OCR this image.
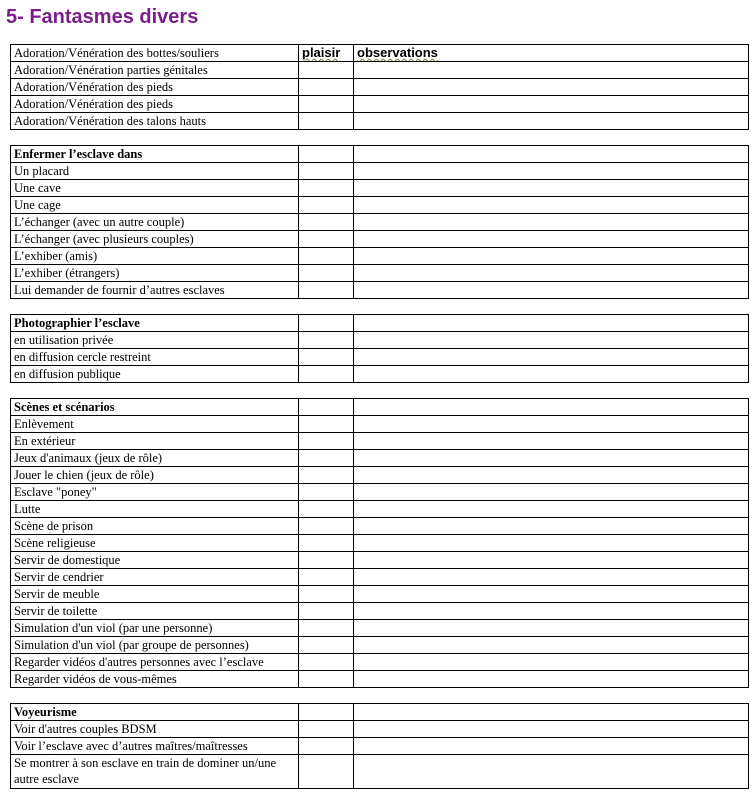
5- Fantasmes divers
Adoration/Vénération des bottes/souliers	plaisir	observations
Adoration/Vénération parties génitales		
Adoration/Vénération des pieds		
Adoration/Vénération des pieds		
Adoration/Vénération des talons hauts		
Enfermer l’esclave dans		
Un placard		
Une cave		
Une cage		
L’échanger (avec un autre couple)		
L’échanger (avec plusieurs couples)		
L’exhiber (amis)		
L’exhiber (étrangers)		
Lui demander de fournir d’autres esclaves		
Photographier l’esclave		
en utilisation privée		
en diffusion cercle restreint		
en diffusion publique		
Scènes et scénarios		
Enlèvement		
En extérieur		
Jeux d'animaux (jeux de rôle)		
Jouer le chien (jeux de rôle)		
Esclave "poney"		
Lutte		
Scène de prison		
Scène religieuse		
Servir de domestique		
Servir de cendrier		
Servir de meuble		
Servir de toilette		
Simulation d'un viol (par une personne)		
Simulation d'un viol (par groupe de personnes)		
Regarder vidéos d'autres personnes avec l’esclave		
Regarder vidéos de vous-mêmes		
Voyeurisme		
Voir d'autres couples BDSM		
Voir l’esclave avec d’autres maîtres/maîtresses		
Se montrer à son esclave en train de dominer un/une autre esclave		
